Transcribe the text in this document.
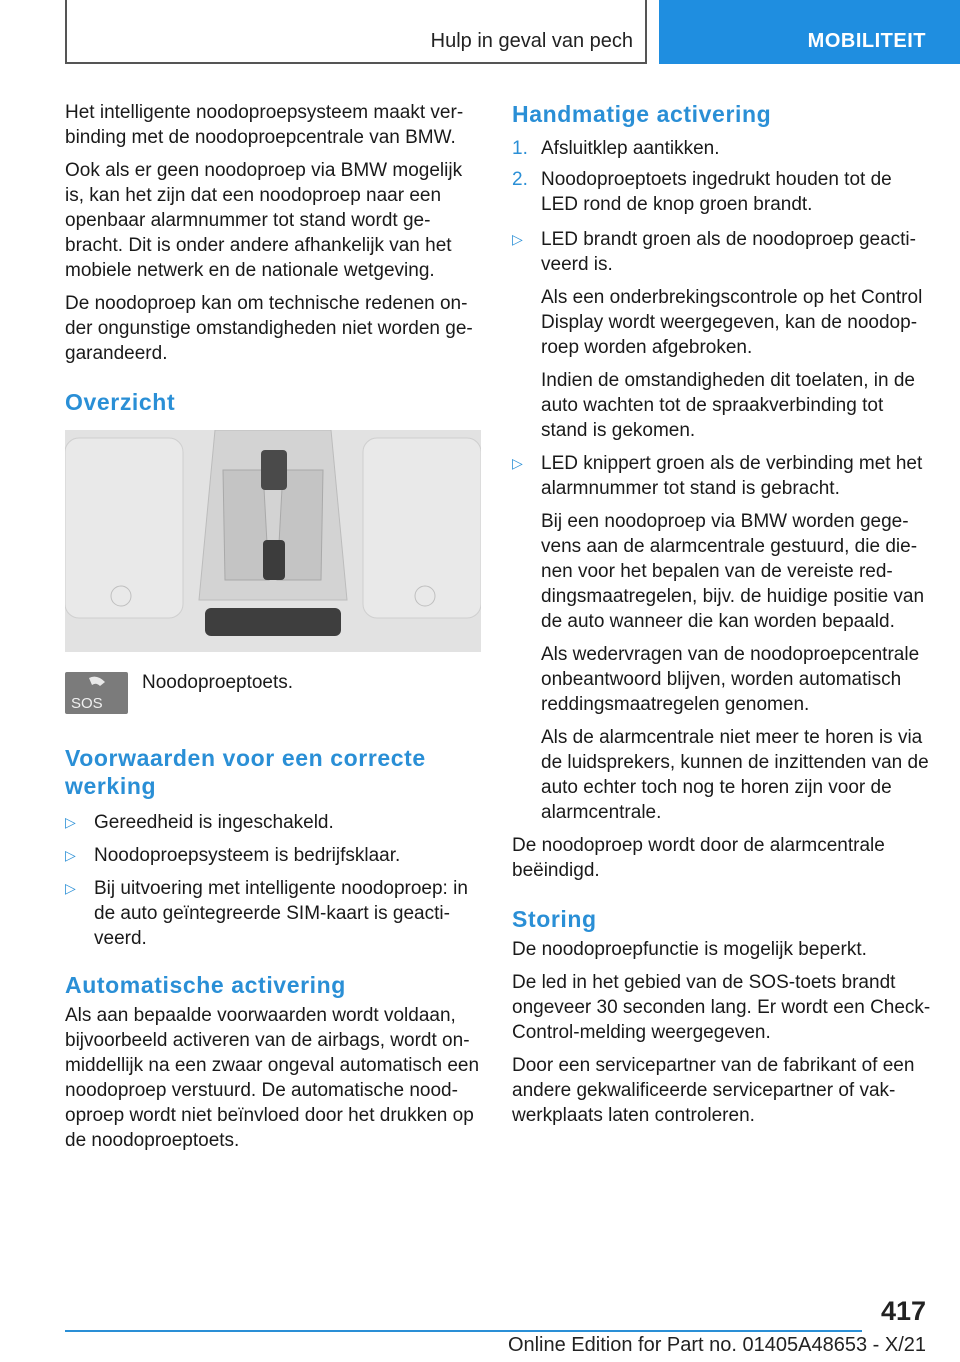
Hulp in geval van pech	MOBILITEIT

Het intelligente noodoproepsysteem maakt verbinding met de noodoproepcentrale van BMW.

Ook als er geen noodoproep via BMW mogelijk is, kan het zijn dat een noodoproep naar een openbaar alarmnummer tot stand wordt gebracht. Dit is onder andere afhankelijk van het mobiele netwerk en de nationale wetgeving.

De noodoproep kan om technische redenen onder ongunstige omstandigheden niet worden gegarandeerd.

Overzicht
SOS
Noodoproeptoets.
Voorwaarden voor een correcte werking
▷ Gereedheid is ingeschakeld.
▷ Noodoproepsysteem is bedrijfsklaar.
▷ Bij uitvoering met intelligente noodoproep: in de auto geïntegreerde SIM-kaart is geactiveerd.
Automatische activering

Als aan bepaalde voorwaarden wordt voldaan, bijvoorbeeld activeren van de airbags, wordt onmiddellijk na een zwaar ongeval automatisch een noodoproep verstuurd. De automatische noodoproep wordt niet beïnvloed door het drukken op de noodoproeptoets.

Handmatige activering
1. Afsluitklep aantikken.
2. Noodoproeptoets ingedrukt houden tot de LED rond de knop groen brandt.
▷ LED brandt groen als de noodoproep geactiveerd is.

Als een onderbrekingscontrole op het Control Display wordt weergegeven, kan de noodoproep worden afgebroken.

Indien de omstandigheden dit toelaten, in de auto wachten tot de spraakverbinding tot stand is gekomen.

▷ LED knippert groen als de verbinding met het alarmnummer tot stand is gebracht.

Bij een noodoproep via BMW worden gegevens aan de alarmcentrale gestuurd, die dienen voor het bepalen van de vereiste reddingsmaatregelen, bijv. de huidige positie van de auto wanneer die kan worden bepaald.

Als wedervragen van de noodoproepcentrale onbeantwoord blijven, worden automatisch reddingsmaatregelen genomen.

Als de alarmcentrale niet meer te horen is via de luidsprekers, kunnen de inzittenden van de auto echter toch nog te horen zijn voor de alarmcentrale.

De noodoproep wordt door de alarmcentrale beëindigd.

Storing

De noodoproepfunctie is mogelijk beperkt.

De led in het gebied van de SOS-toets brandt ongeveer 30 seconden lang. Er wordt een Check-Control-melding weergegeven.

Door een servicepartner van de fabrikant of een andere gekwalificeerde servicepartner of vakwerkplaats laten controleren.

417
Online Edition for Part no. 01405A48653 - X/21
